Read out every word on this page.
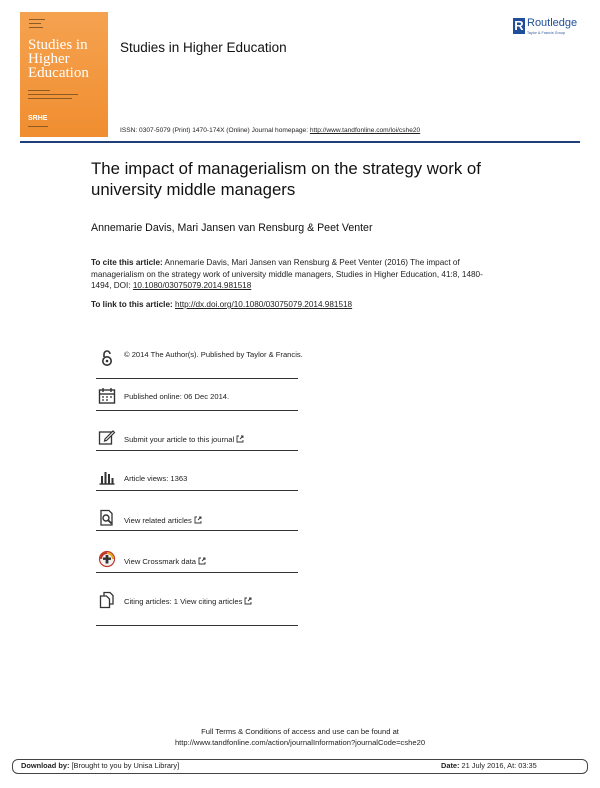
Studies in Higher Education
SRHE
Studies in Higher Education
R Routledge
Taylor & Francis Group
ISSN: 0307-5079 (Print) 1470-174X (Online) Journal homepage: http://www.tandfonline.com/loi/cshe20
The impact of managerialism on the strategy work of university middle managers
Annemarie Davis, Mari Jansen van Rensburg & Peet Venter
To cite this article: Annemarie Davis, Mari Jansen van Rensburg & Peet Venter (2016) The impact of managerialism on the strategy work of university middle managers, Studies in Higher Education, 41:8, 1480-1494, DOI: 10.1080/03075079.2014.981518
To link to this article: http://dx.doi.org/10.1080/03075079.2014.981518
© 2014 The Author(s). Published by Taylor & Francis.
Published online: 06 Dec 2014.
Submit your article to this journal
Article views: 1363
View related articles
View Crossmark data
Citing articles: 1 View citing articles
Full Terms & Conditions of access and use can be found at
http://www.tandfonline.com/action/journalInformation?journalCode=cshe20
Download by: [Brought to you by Unisa Library]	Date: 21 July 2016, At: 03:35
